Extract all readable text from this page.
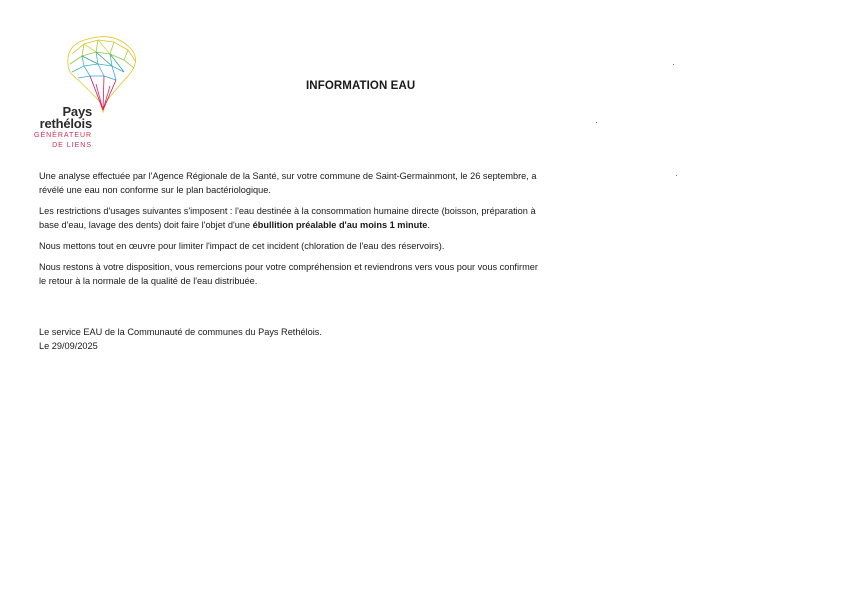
Pays
rethélois
GÉNÉRATEUR
DE LIENS
INFORMATION EAU

Une analyse effectuée par l'Agence Régionale de la Santé, sur votre commune de Saint-Germainmont, le 26 septembre, a révélé une eau non conforme sur le plan bactériologique.

Les restrictions d'usages suivantes s'imposent : l'eau destinée à la consommation humaine directe (boisson, préparation à base d'eau, lavage des dents) doit faire l'objet d'une ébullition préalable d'au moins 1 minute.

Nous mettons tout en œuvre pour limiter l'impact de cet incident (chloration de l'eau des réservoirs).

Nous restons à votre disposition, vous remercions pour votre compréhension et reviendrons vers vous pour vous confirmer le retour à la normale de la qualité de l'eau distribuée.

Le service EAU de la Communauté de communes du Pays Rethélois.
Le 29/09/2025
